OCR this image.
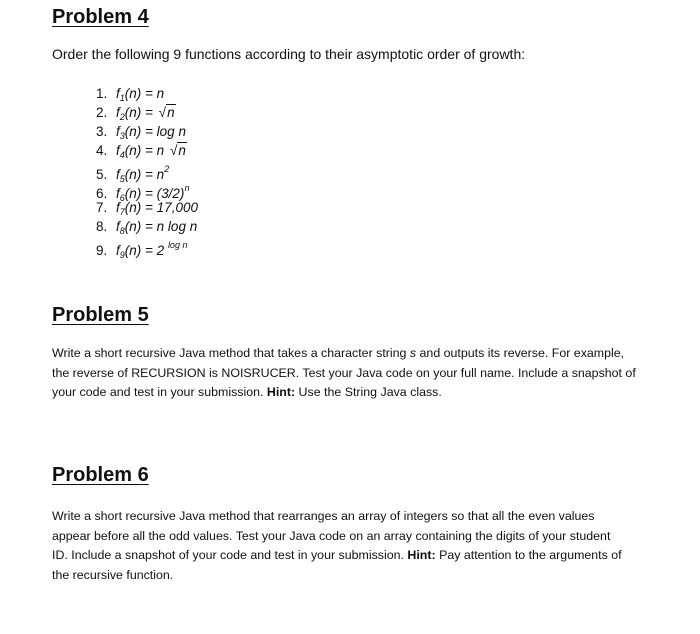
Problem 4

Order the following 9 functions according to their asymptotic order of growth:

1. $f_1(n) = n$
2. $f_2(n) = √n$
3. $f_3(n) = \log n$
4. $f_4(n) = n$ √n
5. $f_5(n) = n^2$
6. $f_6(n) = (3/2)^n$
7. $f_7(n) = 17,000$
8. $f_8(n) = n$ log n
9. $f_9(n) = 2$ $^{log n}$
Problem 5

Write a short recursive Java method that takes a character string s and outputs its reverse. For example,
the reverse of RECURSION is NOISRUCER. Test your Java code on your full name. Include a snapshot of
your code and test in your submission. Hint: Use the String Java class.

Problem 6

Write a short recursive Java method that rearranges an array of integers so that all the even values
appear before all the odd values. Test your Java code on an array containing the digits of your student
ID. Include a snapshot of your code and test in your submission. Hint: Pay attention to the arguments of
the recursive function.
